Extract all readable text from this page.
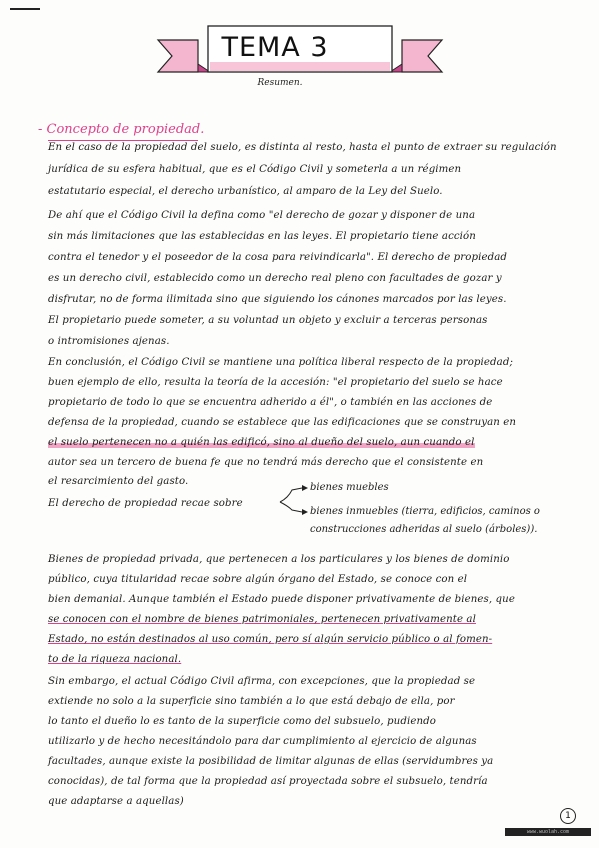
TEMA 3
Resumen.
- Concepto de propiedad.
En el caso de la propiedad del suelo, es distinta al resto, hasta el punto de extraer su regulación
jurídica de su esfera habitual, que es el Código Civil y someterla a un régimen
estatutario especial, el derecho urbanístico, al amparo de la Ley del Suelo.
De ahí que el Código Civil la defina como "el derecho de gozar y disponer de una
sin más limitaciones que las establecidas en las leyes. El propietario tiene acción
contra el tenedor y el poseedor de la cosa para reivindicarla". El derecho de propiedad
es un derecho civil, establecido como un derecho real pleno con facultades de gozar y
disfrutar, no de forma ilimitada sino que siguiendo los cánones marcados por las leyes.
El propietario puede someter, a su voluntad un objeto y excluir a terceras personas
o intromisiones ajenas.
En conclusión, el Código Civil se mantiene una política liberal respecto de la propiedad;
buen ejemplo de ello, resulta la teoría de la accesión: "el propietario del suelo se hace
propietario de todo lo que se encuentra adherido a él", o también en las acciones de
defensa de la propiedad, cuando se establece que las edificaciones que se construyan en
el suelo pertenecen no a quién las edificó, sino al dueño del suelo, aun cuando el
autor sea un tercero de buena fe que no tendrá más derecho que el consistente en
el resarcimiento del gasto.
El derecho de propiedad recae sobre
bienes muebles
bienes inmuebles (tierra, edificios, caminos o
construcciones adheridas al suelo (árboles)).
Bienes de propiedad privada, que pertenecen a los particulares y los bienes de dominio
público, cuya titularidad recae sobre algún órgano del Estado, se conoce con el
bien demanial. Aunque también el Estado puede disponer privativamente de bienes, que
se conocen con el nombre de bienes patrimoniales, pertenecen privativamente al
Estado, no están destinados al uso común, pero sí algún servicio público o al fomen-
to de la riqueza nacional.
Sin embargo, el actual Código Civil afirma, con excepciones, que la propiedad se
extiende no solo a la superficie sino también a lo que está debajo de ella, por
lo tanto el dueño lo es tanto de la superficie como del subsuelo, pudiendo
utilizarlo y de hecho necesitándolo para dar cumplimiento al ejercicio de algunas
facultades, aunque existe la posibilidad de limitar algunas de ellas (servidumbres ya
conocidas), de tal forma que la propiedad así proyectada sobre el subsuelo, tendría
que adaptarse a aquellas)
1
www.wuolah.com
